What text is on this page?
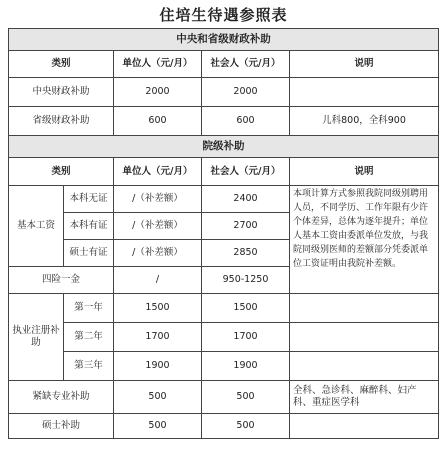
住培生待遇参照表
中央和省级财政补助				
类别		单位人（元/月）	社会人（元/月）	说明
中央财政补助		2000	2000	
省级财政补助		600	600	儿科800，全科900
院级补助				
类别		单位人（元/月）	社会人（元/月）	说明
基本工资	本科无证	/（补差额）	2400	本项计算方式参照我院同级别聘用人员，不同学历、工作年限有少许个体差异，总体为逐年提升；单位人基本工资由委派单位发放，与我院同级别医师的差额部分凭委派单位工资证明由我院补差额。
	本科有证	/（补差额）	2700	
	硕士有证	/（补差额）	2850	
四险一金		/	950-1250	
执业注册补助	第一年	1500	1500	
	第二年	1700	1700	
	第三年	1900	1900	
紧缺专业补助		500	500	全科、急诊科、麻醉科、妇产科、重症医学科
硕士补助		500	500	
